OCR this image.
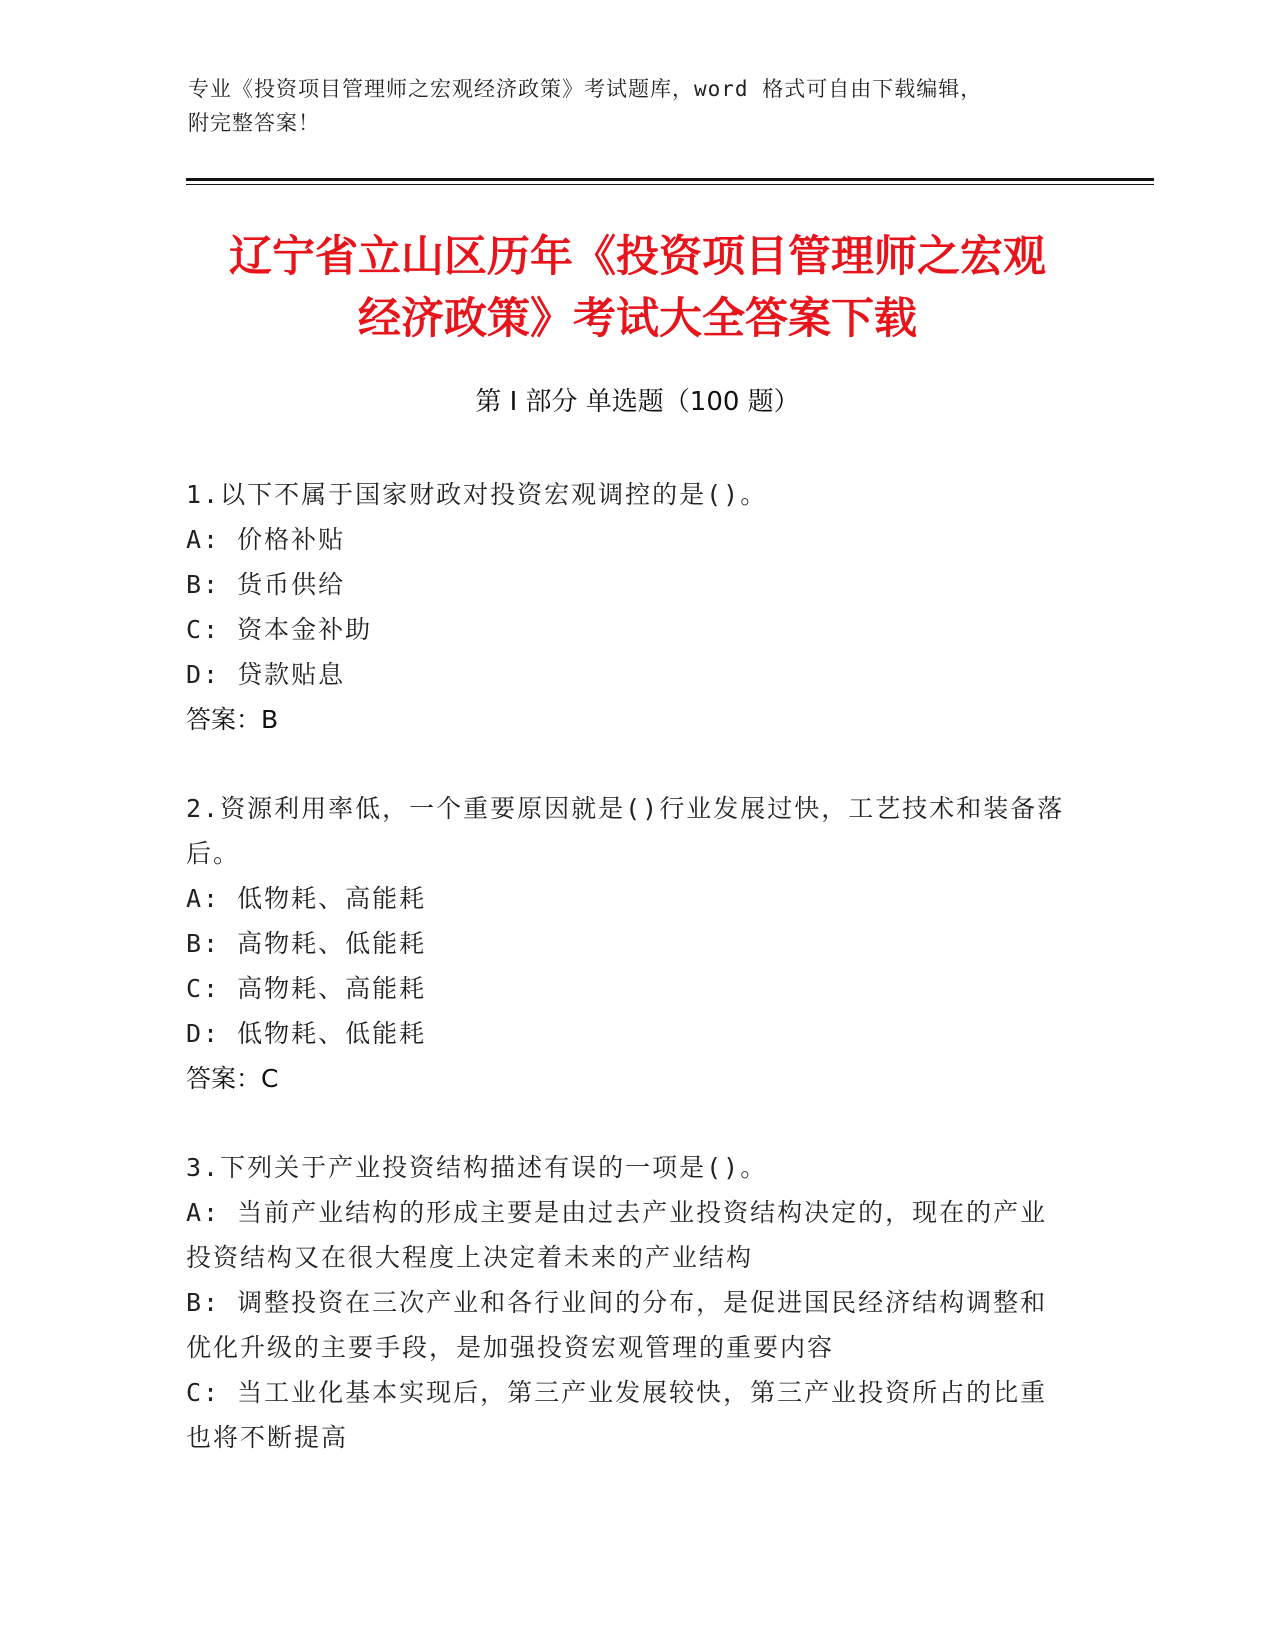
专业《投资项目管理师之宏观经济政策》考试题库，word 格式可自由下载编辑，
附完整答案！
辽宁省立山区历年《投资项目管理师之宏观
经济政策》考试大全答案下载
第 I 部分 单选题（100 题）
1.以下不属于国家财政对投资宏观调控的是()。
A: 价格补贴
B: 货币供给
C: 资本金补助
D: 贷款贴息
答案：B
2.资源利用率低，一个重要原因就是()行业发展过快，工艺技术和装备落后。
A: 低物耗、高能耗
B: 高物耗、低能耗
C: 高物耗、高能耗
D: 低物耗、低能耗
答案：C
3.下列关于产业投资结构描述有误的一项是()。
A: 当前产业结构的形成主要是由过去产业投资结构决定的，现在的产业投资结构又在很大程度上决定着未来的产业结构
B: 调整投资在三次产业和各行业间的分布，是促进国民经济结构调整和优化升级的主要手段，是加强投资宏观管理的重要内容
C: 当工业化基本实现后，第三产业发展较快，第三产业投资所占的比重也将不断提高
